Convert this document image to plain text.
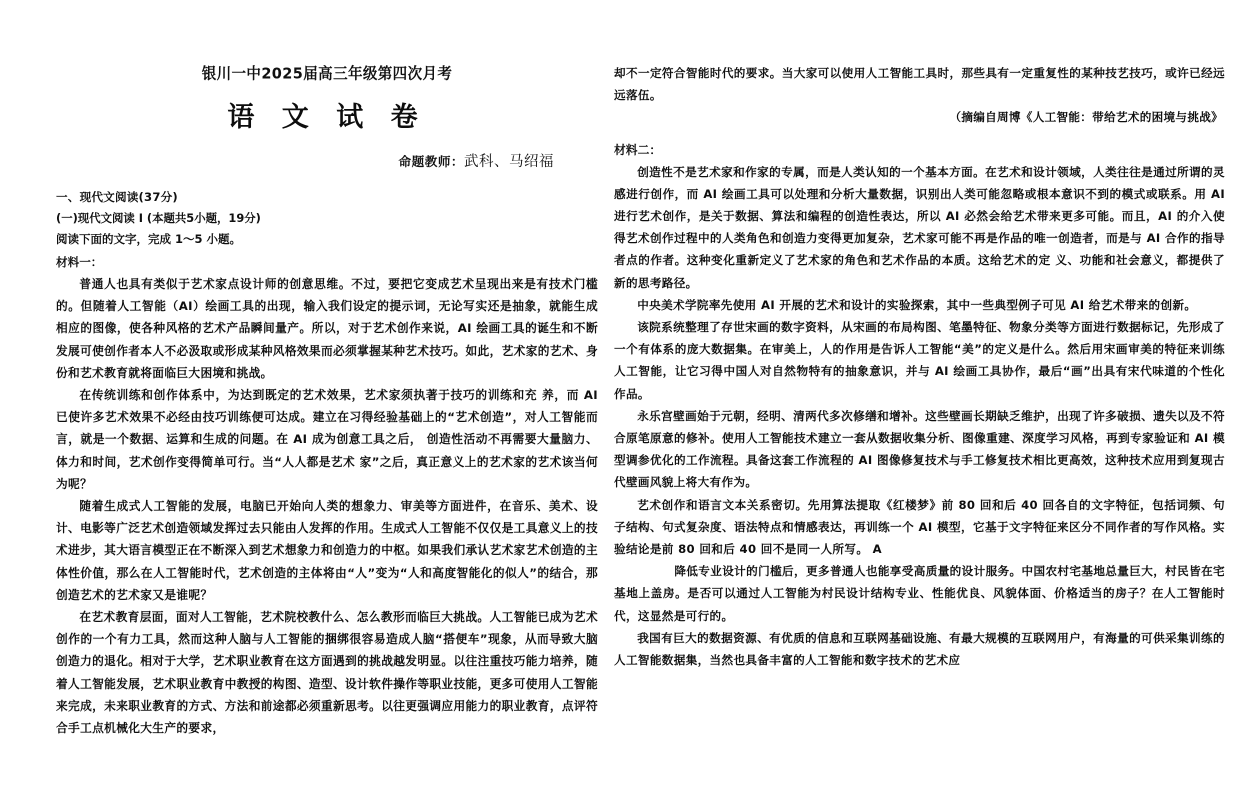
银川一中2025届高三年级第四次月考
语 文 试 卷
命题教师：武科、马绍福
一、现代文阅读(37分)
(一)现代文阅读 I (本题共5小题，19分)
阅读下面的文字，完成 1～5 小题。
材料一：

普通人也具有类似于艺术家点设计师的创意思维。不过，要把它变成艺术呈现出来是有技术门槛的。但随着人工智能（AI）绘画工具的出现，输入我们设定的提示词，无论写实还是抽象，就能生成相应的图像，使各种风格的艺术产品瞬间量产。所以，对于艺术创作来说，AI 绘画工具的诞生和不断发展可使创作者本人不必汲取或形成某种风格效果而必须掌握某种艺术技巧。如此，艺术家的艺术、身份和艺术教育就将面临巨大困境和挑战。

在传统训练和创作体系中，为达到既定的艺术效果，艺术家须执著于技巧的训练和充 养，而 AI 已使许多艺术效果不必经由技巧训练便可达成。建立在习得经验基础上的“艺术创造”，对人工智能而言，就是一个数据、运算和生成的问题。在 AI 成为创意工具之后， 创造性活动不再需要大量脑力、体力和时间，艺术创作变得简单可行。当“人人都是艺术 家”之后，真正意义上的艺术家的艺术该当何为呢？

随着生成式人工智能的发展，电脑已开始向人类的想象力、审美等方面进件，在音乐、美术、设计、电影等广泛艺术创造领域发挥过去只能由人发挥的作用。生成式人工智能不仅仅是工具意义上的技术进步，其大语言模型正在不断深入到艺术想象力和创造力的中枢。如果我们承认艺术家艺术创造的主体性价值，那么在人工智能时代，艺术创造的主体将由“人”变为“人和高度智能化的似人”的结合，那创造艺术的艺术家又是谁呢？

在艺术教育层面，面对人工智能，艺术院校教什么、怎么教形而临巨大挑战。人工智能已成为艺术创作的一个有力工具，然而这种人脑与人工智能的捆绑很容易造成人脑“搭便车”现象，从而导致大脑创造力的退化。相对于大学，艺术职业教育在这方面遇到的挑战越发明显。以往注重技巧能力培养，随着人工智能发展，艺术职业教育中教授的构图、造型、设计软件操作等职业技能，更多可使用人工智能来完成，未来职业教育的方式、方法和前途都必须重新思考。以往更强调应用能力的职业教育，点评符合手工点机械化大生产的要求，

却不一定符合智能时代的要求。当大家可以使用人工智能工具时，那些具有一定重复性的某种技艺技巧，或许已经远远落伍。

（摘编自周博《人工智能：带给艺术的困境与挑战》

材料二：

创造性不是艺术家和作家的专属，而是人类认知的一个基本方面。在艺术和设计领域，人类往往是通过所谓的灵感进行创作，而 AI 绘画工具可以处理和分析大量数据，识别出人类可能忽略或根本意识不到的模式或联系。用 AI 进行艺术创作，是关于数据、算法和编程的创造性表达，所以 AI 必然会给艺术带来更多可能。而且，AI 的介入使得艺术创作过程中的人类角色和创造力变得更加复杂，艺术家可能不再是作品的唯一创造者，而是与 AI 合作的指导者点的作者。这种变化重新定义了艺术家的角色和艺术作品的本质。这给艺术的定 义、功能和社会意义，都提供了新的思考路径。

中央美术学院率先使用 AI 开展的艺术和设计的实验探索，其中一些典型例子可见 AI 给艺术带来的创新。

该院系统整理了存世宋画的数字资料，从宋画的布局构图、笔墨特征、物象分类等方面进行数据标记，先形成了一个有体系的庞大数据集。在审美上，人的作用是告诉人工智能“美”的定义是什么。然后用宋画审美的特征来训练人工智能，让它习得中国人对自然物特有的抽象意识，并与 AI 绘画工具协作，最后“画”出具有宋代味道的个性化作品。

永乐宫壁画始于元朝，经明、清两代多次修缮和增补。这些壁画长期缺乏维护，出现了许多破损、遗失以及不符合原笔原意的修补。使用人工智能技术建立一套从数据收集分析、图像重建、深度学习风格，再到专家验证和 AI 模型调参优化的工作流程。具备这套工作流程的 AI 图像修复技术与手工修复技术相比更高效，这种技术应用到复现古代壁画风貌上将大有作为。

艺术创作和语言文本关系密切。先用算法提取《红楼梦》前 80 回和后 40 回各自的文字特征，包括词频、句子结构、句式复杂度、语法特点和情感表达，再训练一个 AI 模型，它基于文字特征来区分不同作者的写作风格。实验结论是前 80 回和后 40 回不是同一人所写。 A

降低专业设计的门槛后，更多普通人也能享受高质量的设计服务。中国农村宅基地总量巨大，村民皆在宅基地上盖房。是否可以通过人工智能为村民设计结构专业、性能优良、风貌体面、价格适当的房子？在人工智能时代，这显然是可行的。

我国有巨大的数据资源、有优质的信息和互联网基础设施、有最大规模的互联网用户，有海量的可供采集训练的人工智能数据集，当然也具备丰富的人工智能和数字技术的艺术应
